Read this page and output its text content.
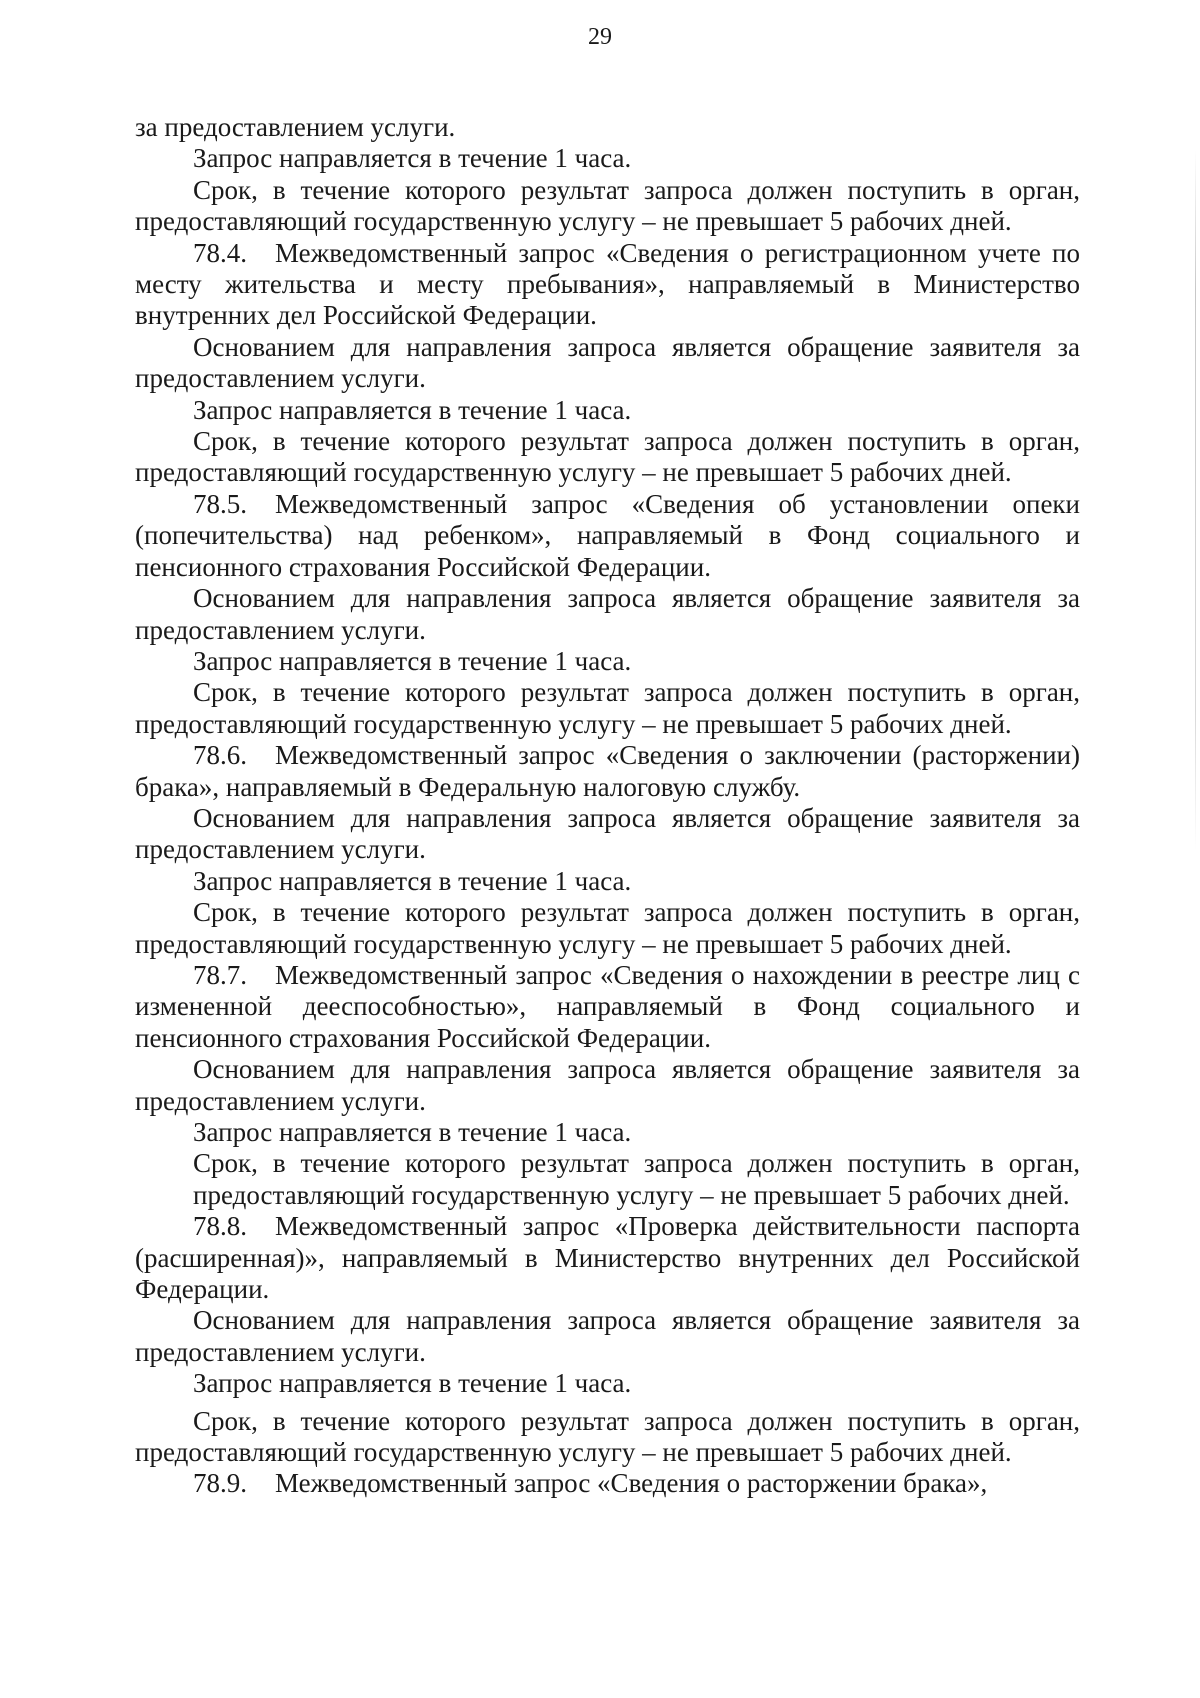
29

за предоставлением услуги.

Запрос направляется в течение 1 часа.

Срок, в течение которого результат запроса должен поступить в орган, предоставляющий государственную услугу – не превышает 5 рабочих дней.

78.4. Межведомственный запрос «Сведения о регистрационном учете по месту жительства и месту пребывания», направляемый в Министерство внутренних дел Российской Федерации.

Основанием для направления запроса является обращение заявителя за предоставлением услуги.

Запрос направляется в течение 1 часа.

Срок, в течение которого результат запроса должен поступить в орган, предоставляющий государственную услугу – не превышает 5 рабочих дней.

78.5. Межведомственный запрос «Сведения об установлении опеки (попечительства) над ребенком», направляемый в Фонд социального и пенсионного страхования Российской Федерации.

Основанием для направления запроса является обращение заявителя за предоставлением услуги.

Запрос направляется в течение 1 часа.

Срок, в течение которого результат запроса должен поступить в орган, предоставляющий государственную услугу – не превышает 5 рабочих дней.

78.6. Межведомственный запрос «Сведения о заключении (расторжении) брака», направляемый в Федеральную налоговую службу.

Основанием для направления запроса является обращение заявителя за предоставлением услуги.

Запрос направляется в течение 1 часа.

Срок, в течение которого результат запроса должен поступить в орган, предоставляющий государственную услугу – не превышает 5 рабочих дней.

78.7. Межведомственный запрос «Сведения о нахождении в реестре лиц с измененной дееспособностью», направляемый в Фонд социального и пенсионного страхования Российской Федерации.

Основанием для направления запроса является обращение заявителя за предоставлением услуги.

Запрос направляется в течение 1 часа.

Срок, в течение которого результат запроса должен поступить в орган, предоставляющий государственную услугу – не превышает 5 рабочих дней.

78.8. Межведомственный запрос «Проверка действительности паспорта (расширенная)», направляемый в Министерство внутренних дел Российской Федерации.

Основанием для направления запроса является обращение заявителя за предоставлением услуги.

Запрос направляется в течение 1 часа.

Срок, в течение которого результат запроса должен поступить в орган, предоставляющий государственную услугу – не превышает 5 рабочих дней.

78.9. Межведомственный запрос «Сведения о расторжении брака»,
